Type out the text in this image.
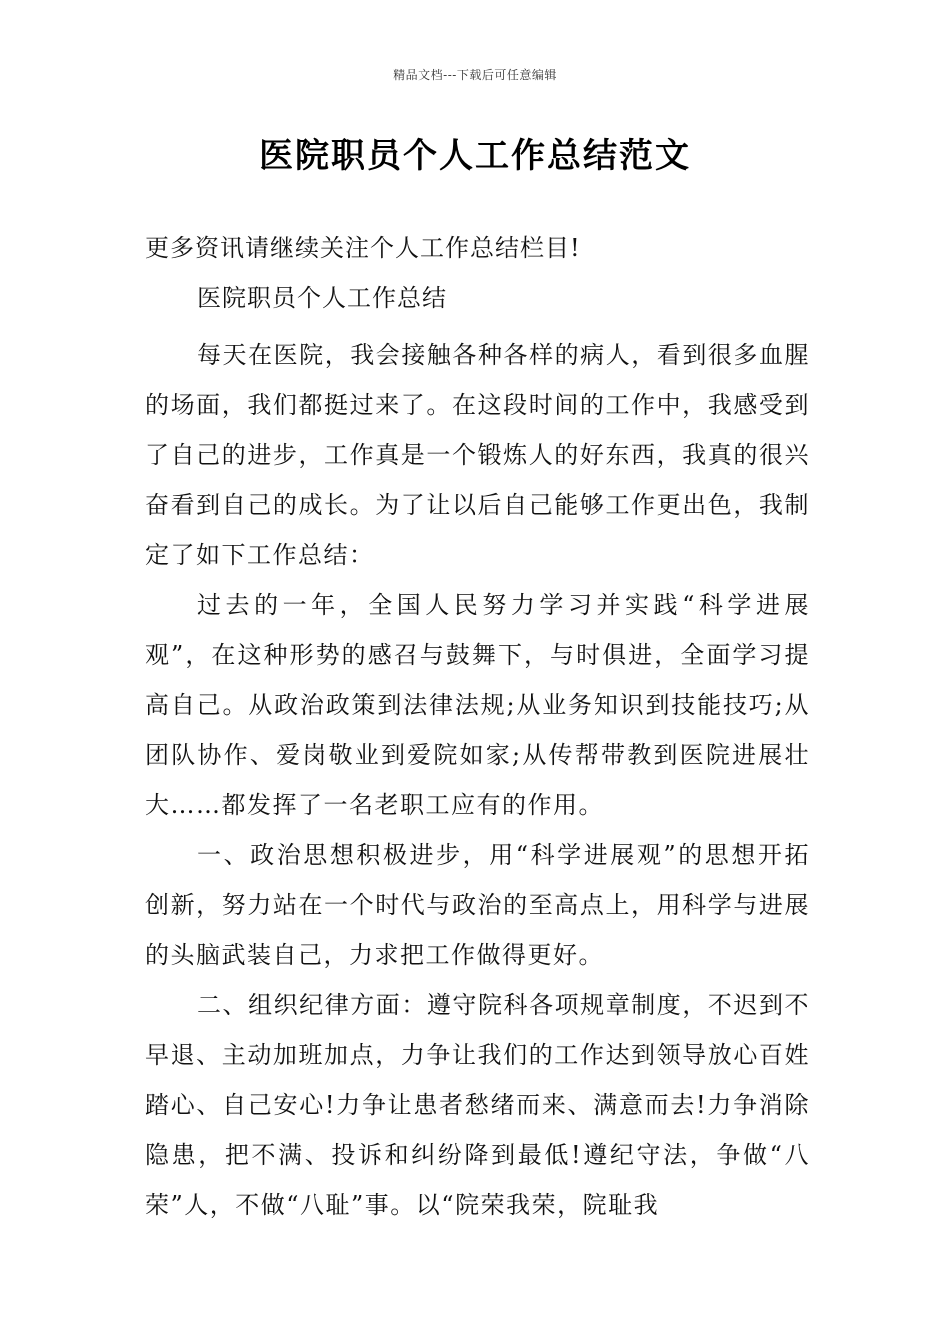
精品文档---下载后可任意编辑
医院职员个人工作总结范文

更多资讯请继续关注个人工作总结栏目!

医院职员个人工作总结

每天在医院，我会接触各种各样的病人，看到很多血腥的场面，我们都挺过来了。在这段时间的工作中，我感受到了自己的进步，工作真是一个锻炼人的好东西，我真的很兴奋看到自己的成长。为了让以后自己能够工作更出色，我制定了如下工作总结：

过去的一年，全国人民努力学习并实践“科学进展观”，在这种形势的感召与鼓舞下，与时俱进，全面学习提高自己。从政治政策到法律法规;从业务知识到技能技巧;从团队协作、爱岗敬业到爱院如家;从传帮带教到医院进展壮大……都发挥了一名老职工应有的作用。

一、政治思想积极进步，用“科学进展观”的思想开拓创新，努力站在一个时代与政治的至高点上，用科学与进展的头脑武装自己，力求把工作做得更好。

二、组织纪律方面：遵守院科各项规章制度，不迟到不早退、主动加班加点，力争让我们的工作达到领导放心百姓踏心、自己安心!力争让患者愁绪而来、满意而去!力争消除隐患，把不满、投诉和纠纷降到最低!遵纪守法，争做“八荣”人，不做“八耻”事。以“院荣我荣，院耻我
